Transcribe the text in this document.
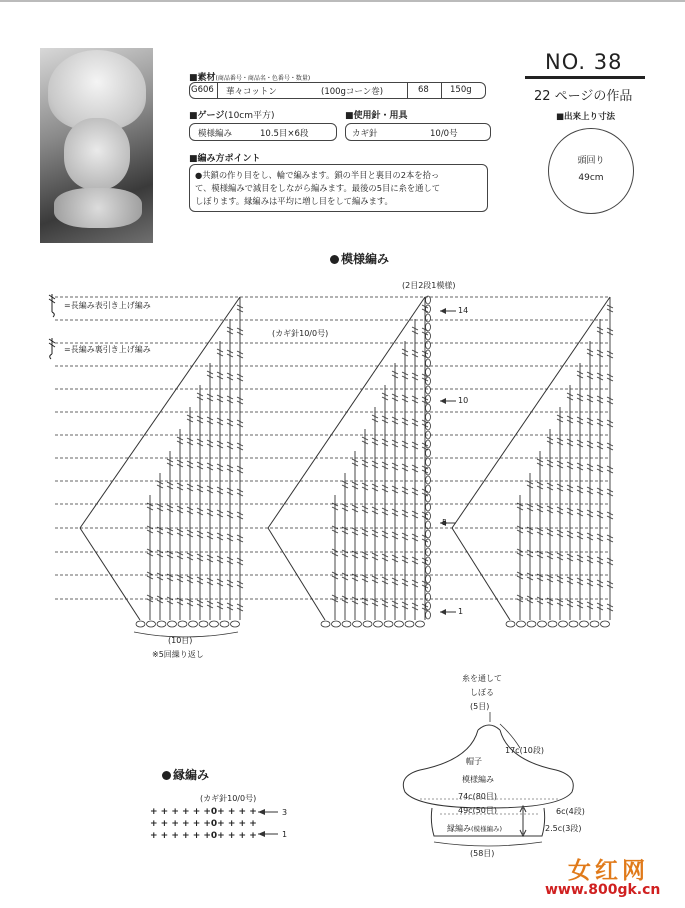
■素材(商品番号・商品名・色番号・数量)
G606 華々コットン	(100gコーン巻)	68 150g
■ゲージ(10cm平方)
模様編み	10.5目×6段
■使用針・用具
カギ針	10/0号
■編み方ポイント
●共鎖の作り目をし、輪で編みます。鎖の半目と裏目の2本を拾っ
て、模様編みで減目をしながら編みます。最後の5目に糸を通して
しぼります。縁編みは平均に増し目をして編みます。
NO. 38
22 ページの作品
■出来上り寸法
頭回り
49cm
模様編み
(2目2段1模様)
(カギ針10/0号)
=長編み表引き上げ編み
=長編み裏引き上げ編み
14
10
5
1
(10目)
※5回繰り返し
縁編み
(カギ針10/0号)
+ + + + + +0+ + + +
+ + + + + +0+ + + +
+ + + + + +0+ + + +
3
1
糸を通して
しぼる
(5目)
17c(10段)
帽子
模様編み
74c(80目)
49c(50目)	6c(4段)
縁編み(模様編み)	2.5c(3段)
(58目)
女红网
www.800gk.cn
